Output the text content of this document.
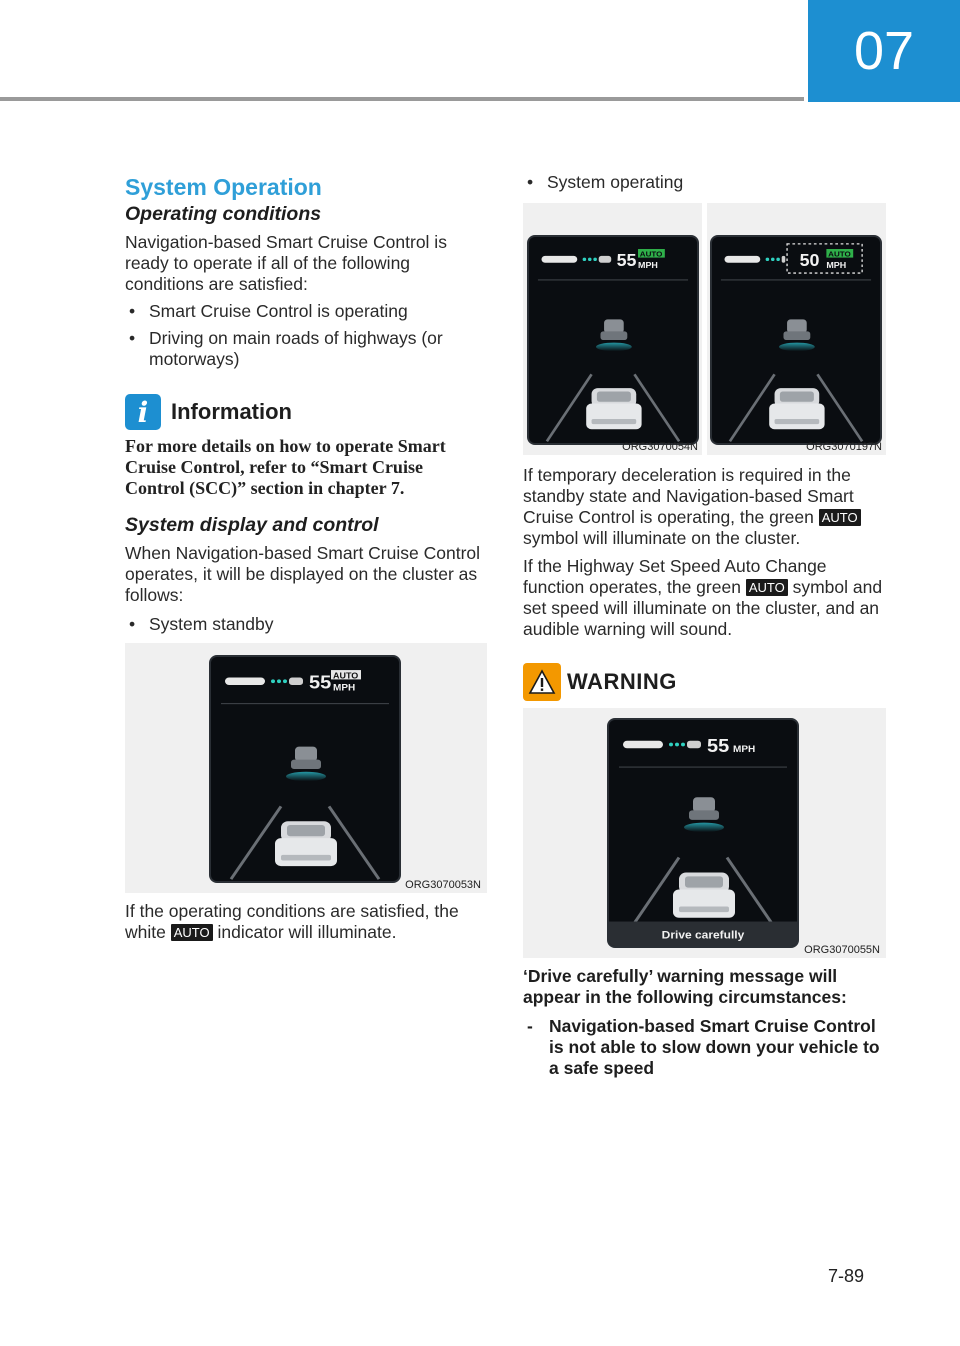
07
System Operation
Operating conditions

Navigation-based Smart Cruise Control is ready to operate if all of the following conditions are satisfied:

• Smart Cruise Control is operating
• Driving on main roads of highways (or motorways)
i	Information

For more details on how to operate Smart Cruise Control, refer to “Smart Cruise Control (SCC)” section in chapter 7.

System display and control

When Navigation-based Smart Cruise Control operates, it will be displayed on the cluster as follows:

• System standby
55 AUTO
MPH
ORG3070053N

If the operating conditions are satisfied, the white AUTO indicator will illuminate.

• System operating
55 AUTO
MPH
ORG3070054N
50 AUTO
MPH
ORG3070197N

If temporary deceleration is required in the standby state and Navigation-based Smart Cruise Control is operating, the green AUTO symbol will illuminate on the cluster.

If the Highway Set Speed Auto Change function operates, the green AUTO symbol and set speed will illuminate on the cluster, and an audible warning will sound.

WARNING
55 MPH
Drive carefully
ORG3070055N

‘Drive carefully’ warning message will appear in the following circumstances:

- Navigation-based Smart Cruise Control is not able to slow down your vehicle to a safe speed
7-89
